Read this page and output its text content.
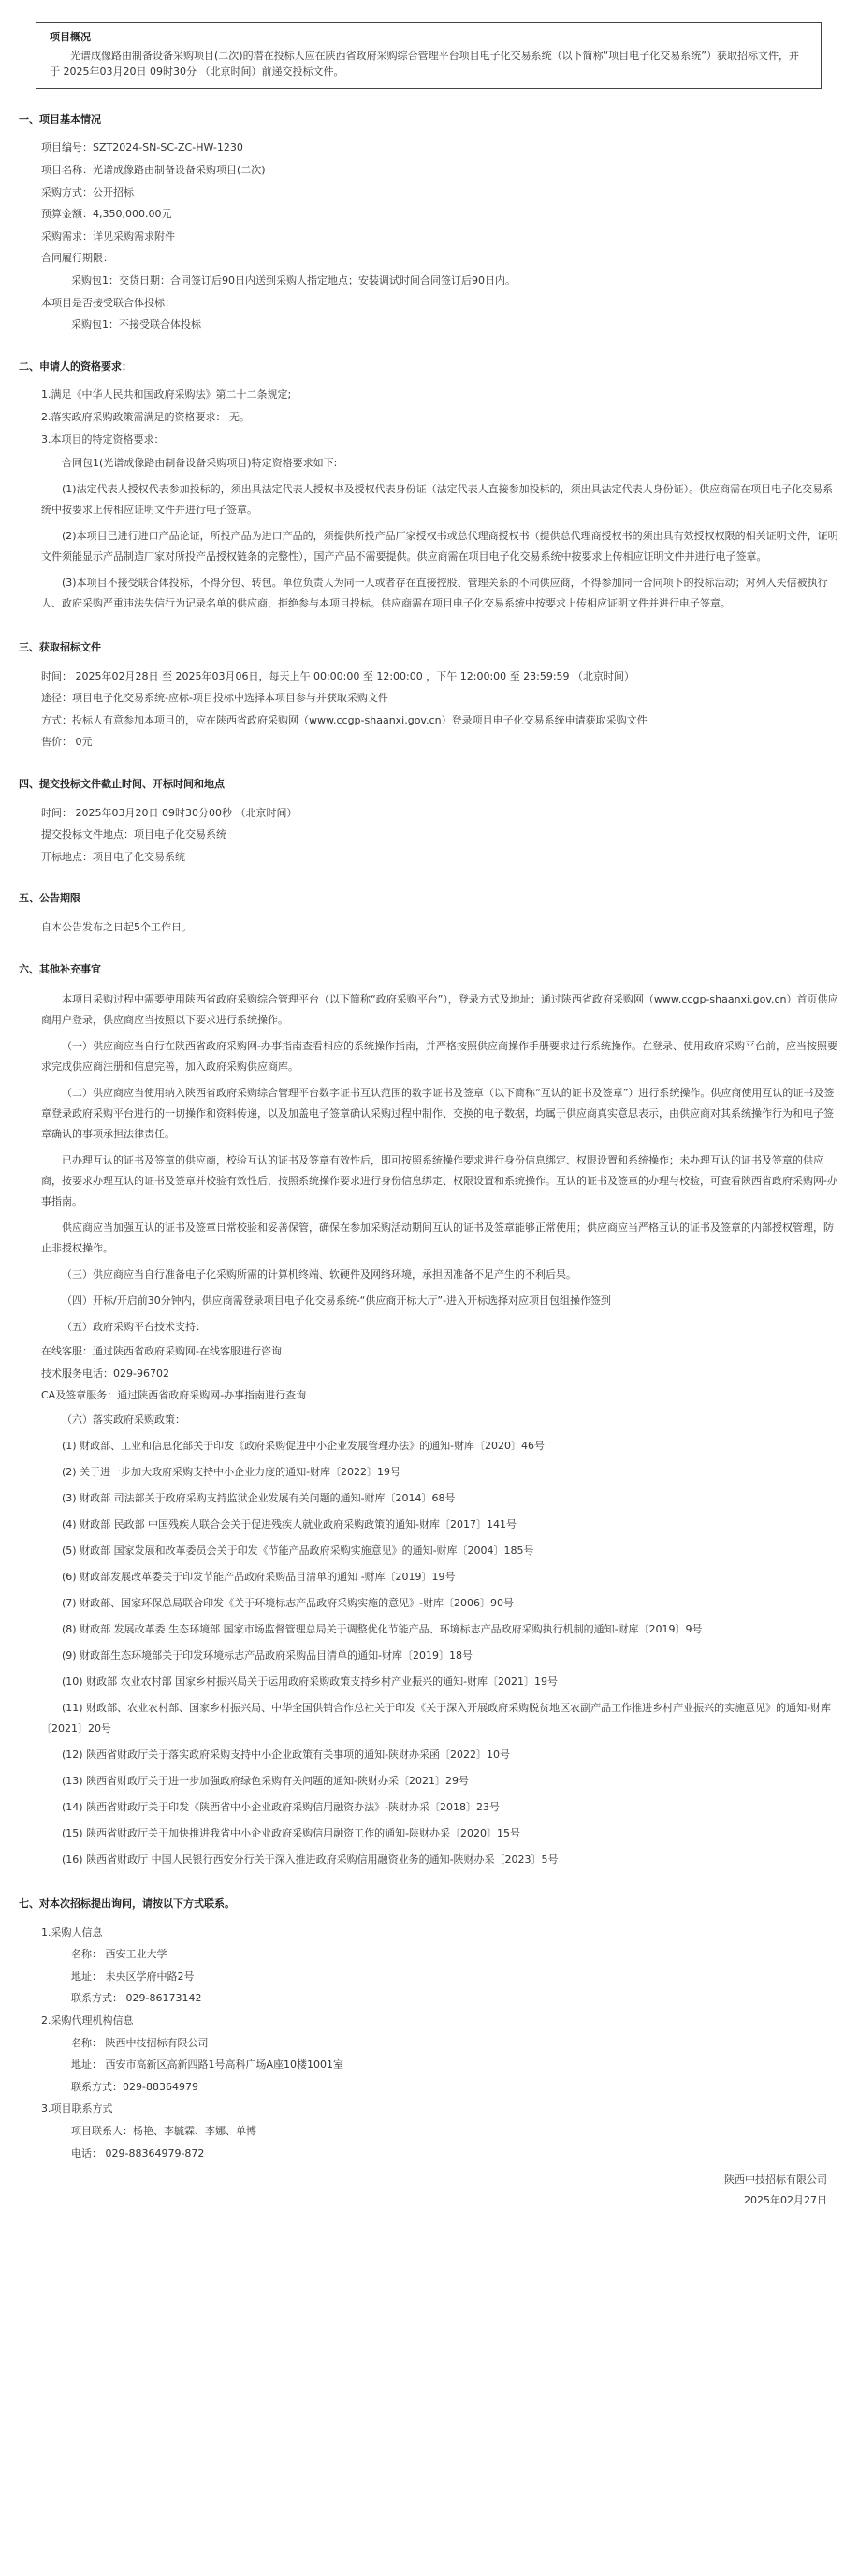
项目概况
光谱成像路由制备设备采购项目(二次)的潜在投标人应在陕西省政府采购综合管理平台项目电子化交易系统（以下简称“项目电子化交易系统”）获取招标文件，并于 2025年03月20日 09时30分 （北京时间）前递交投标文件。
一、项目基本情况
项目编号：SZT2024-SN-SC-ZC-HW-1230
项目名称：光谱成像路由制备设备采购项目(二次)
采购方式：公开招标
预算金额：4,350,000.00元
采购需求：详见采购需求附件
合同履行期限：
采购包1：交货日期：合同签订后90日内送到采购人指定地点；安装调试时间合同签订后90日内。
本项目是否接受联合体投标：
采购包1：不接受联合体投标
二、申请人的资格要求：
1.满足《中华人民共和国政府采购法》第二十二条规定;
2.落实政府采购政策需满足的资格要求： 无。
3.本项目的特定资格要求：
合同包1(光谱成像路由制备设备采购项目)特定资格要求如下:
(1)法定代表人授权代表参加投标的，须出具法定代表人授权书及授权代表身份证（法定代表人直接参加投标的，须出具法定代表人身份证）。供应商需在项目电子化交易系统中按要求上传相应证明文件并进行电子签章。
(2)本项目已进行进口产品论证，所投产品为进口产品的，须提供所投产品厂家授权书或总代理商授权书（提供总代理商授权书的须出具有效授权权限的相关证明文件，证明文件须能显示产品制造厂家对所投产品授权链条的完整性），国产产品不需要提供。供应商需在项目电子化交易系统中按要求上传相应证明文件并进行电子签章。
(3)本项目不接受联合体投标，不得分包、转包。单位负责人为同一人或者存在直接控股、管理关系的不同供应商，不得参加同一合同项下的投标活动；对列入失信被执行人、政府采购严重违法失信行为记录名单的供应商，拒绝参与本项目投标。供应商需在项目电子化交易系统中按要求上传相应证明文件并进行电子签章。
三、获取招标文件
时间： 2025年02月28日 至 2025年03月06日，每天上午 00:00:00 至 12:00:00 ，下午 12:00:00 至 23:59:59 （北京时间）
途径：项目电子化交易系统-应标-项目投标中选择本项目参与并获取采购文件
方式：投标人有意参加本项目的，应在陕西省政府采购网（www.ccgp-shaanxi.gov.cn）登录项目电子化交易系统申请获取采购文件
售价： 0元
四、提交投标文件截止时间、开标时间和地点
时间： 2025年03月20日 09时30分00秒 （北京时间）
提交投标文件地点：项目电子化交易系统
开标地点：项目电子化交易系统
五、公告期限
自本公告发布之日起5个工作日。
六、其他补充事宜
本项目采购过程中需要使用陕西省政府采购综合管理平台（以下简称“政府采购平台”），登录方式及地址：通过陕西省政府采购网（www.ccgp-shaanxi.gov.cn）首页供应商用户登录，供应商应当按照以下要求进行系统操作。
（一）供应商应当自行在陕西省政府采购网-办事指南查看相应的系统操作指南，并严格按照供应商操作手册要求进行系统操作。在登录、使用政府采购平台前，应当按照要求完成供应商注册和信息完善，加入政府采购供应商库。
（二）供应商应当使用纳入陕西省政府采购综合管理平台数字证书互认范围的数字证书及签章（以下简称“互认的证书及签章”）进行系统操作。供应商使用互认的证书及签章登录政府采购平台进行的一切操作和资料传递，以及加盖电子签章确认采购过程中制作、交换的电子数据，均属于供应商真实意思表示，由供应商对其系统操作行为和电子签章确认的事项承担法律责任。
已办理互认的证书及签章的供应商，校验互认的证书及签章有效性后，即可按照系统操作要求进行身份信息绑定、权限设置和系统操作；未办理互认的证书及签章的供应商，按要求办理互认的证书及签章并校验有效性后，按照系统操作要求进行身份信息绑定、权限设置和系统操作。互认的证书及签章的办理与校验，可查看陕西省政府采购网-办事指南。
供应商应当加强互认的证书及签章日常校验和妥善保管，确保在参加采购活动期间互认的证书及签章能够正常使用；供应商应当严格互认的证书及签章的内部授权管理，防止非授权操作。
（三）供应商应当自行准备电子化采购所需的计算机终端、软硬件及网络环境，承担因准备不足产生的不利后果。
（四）开标/开启前30分钟内，供应商需登录项目电子化交易系统-“供应商开标大厅”-进入开标选择对应项目包组操作签到
（五）政府采购平台技术支持：
在线客服：通过陕西省政府采购网-在线客服进行咨询
技术服务电话：029-96702
CA及签章服务：通过陕西省政府采购网-办事指南进行查询
（六）落实政府采购政策：
(1) 财政部、工业和信息化部关于印发《政府采购促进中小企业发展管理办法》的通知-财库〔2020〕46号
(2) 关于进一步加大政府采购支持中小企业力度的通知-财库〔2022〕19号
(3) 财政部 司法部关于政府采购支持监狱企业发展有关问题的通知-财库〔2014〕68号
(4) 财政部 民政部 中国残疾人联合会关于促进残疾人就业政府采购政策的通知-财库〔2017〕141号
(5) 财政部 国家发展和改革委员会关于印发《节能产品政府采购实施意见》的通知-财库〔2004〕185号
(6) 财政部发展改革委关于印发节能产品政府采购品目清单的通知 -财库〔2019〕19号
(7) 财政部、国家环保总局联合印发《关于环境标志产品政府采购实施的意见》-财库〔2006〕90号
(8) 财政部 发展改革委 生态环境部 国家市场监督管理总局关于调整优化节能产品、环境标志产品政府采购执行机制的通知-财库〔2019〕9号
(9) 财政部生态环境部关于印发环境标志产品政府采购品目清单的通知-财库〔2019〕18号
(10) 财政部 农业农村部 国家乡村振兴局关于运用政府采购政策支持乡村产业振兴的通知-财库〔2021〕19号
(11) 财政部、农业农村部、国家乡村振兴局、中华全国供销合作总社关于印发《关于深入开展政府采购脱贫地区农副产品工作推进乡村产业振兴的实施意见》的通知-财库〔2021〕20号
(12) 陕西省财政厅关于落实政府采购支持中小企业政策有关事项的通知-陕财办采函〔2022〕10号
(13) 陕西省财政厅关于进一步加强政府绿色采购有关问题的通知-陕财办采〔2021〕29号
(14) 陕西省财政厅关于印发《陕西省中小企业政府采购信用融资办法》-陕财办采〔2018〕23号
(15) 陕西省财政厅关于加快推进我省中小企业政府采购信用融资工作的通知-陕财办采〔2020〕15号
(16) 陕西省财政厅 中国人民银行西安分行关于深入推进政府采购信用融资业务的通知-陕财办采〔2023〕5号
七、对本次招标提出询问，请按以下方式联系。
1.采购人信息
名称： 西安工业大学
地址： 未央区学府中路2号
联系方式： 029-86173142
2.采购代理机构信息
名称： 陕西中技招标有限公司
地址： 西安市高新区高新四路1号高科广场A座10楼1001室
联系方式：029-88364979
3.项目联系方式
项目联系人：杨艳、李毓霖、李娜、单博
电话： 029-88364979-872
陕西中技招标有限公司
2025年02月27日
